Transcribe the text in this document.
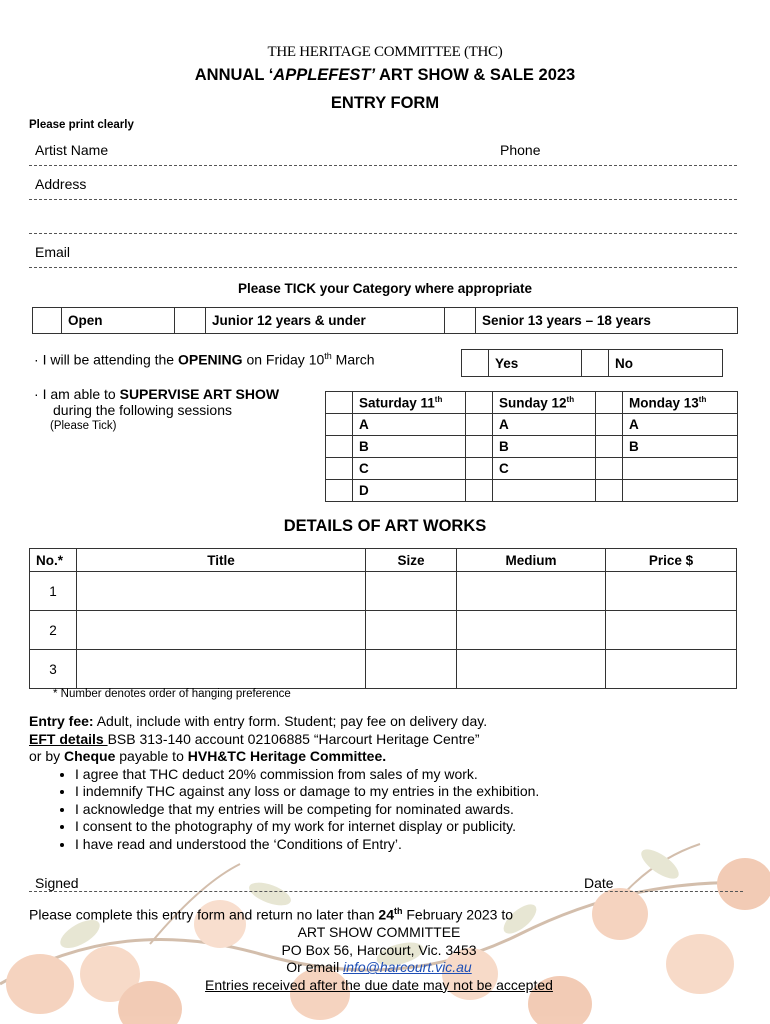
THE HERITAGE COMMITTEE (THC)
ANNUAL ‘APPLEFEST’ ART SHOW & SALE 2023
ENTRY FORM
Please print clearly
Artist Name	Phone
Address
Email
Please TICK your Category where appropriate
	Open		Junior 12 years & under		Senior 13 years – 18 years
· I will be attending the OPENING on Friday 10th March
		Yes		No
· I am able to SUPERVISE ART SHOW
during the following sessions
(Please Tick)
	Saturday 11th		Sunday 12th		Monday 13th
	A		A		A
	B		B		B
	C		C		
	D				
DETAILS OF ART WORKS
No.*	Title	Size	Medium	Price $
1				
2				
3				
* Number denotes order of hanging preference
Entry fee: Adult, include with entry form. Student; pay fee on delivery day.
EFT details BSB 313-140 account 02106885 “Harcourt Heritage Centre”
or by Cheque payable to HVH&TC Heritage Committee.
• I agree that THC deduct 20% commission from sales of my work.
• I indemnify THC against any loss or damage to my entries in the exhibition.
• I acknowledge that my entries will be competing for nominated awards.
• I consent to the photography of my work for internet display or publicity.
• I have read and understood the ‘Conditions of Entry’.
Signed	Date
Please complete this entry form and return no later than 24th February 2023 to
ART SHOW COMMITTEE
PO Box 56, Harcourt, Vic. 3453
Or email info@harcourt.vic.au
Entries received after the due date may not be accepted
